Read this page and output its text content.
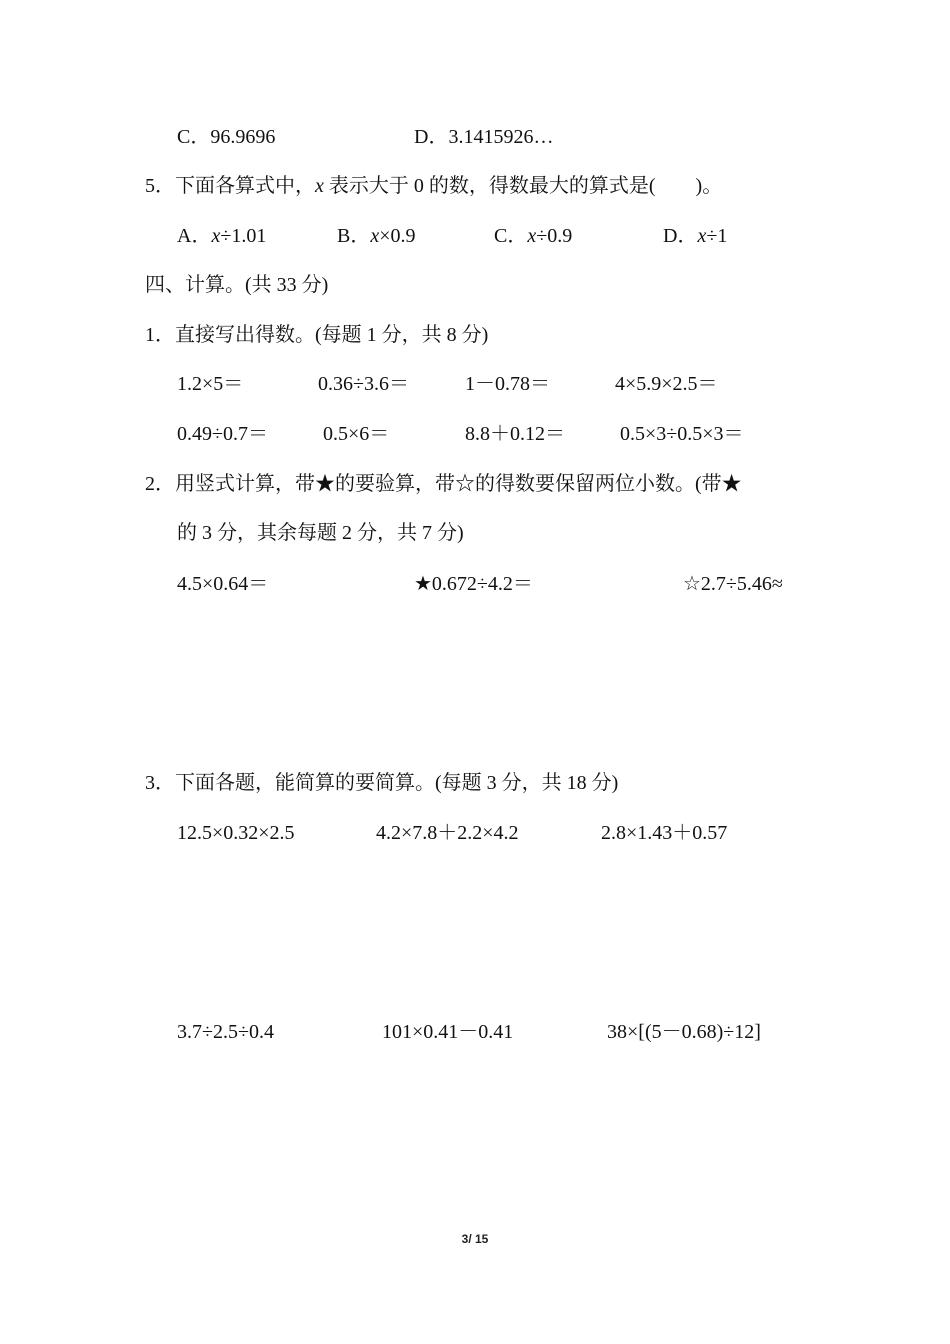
C．96.9696	D．3.1415926…
5．下面各算式中，x 表示大于 0 的数，得数最大的算式是(　　)。
A．x÷1.01	B．x×0.9	C．x÷0.9	D．x÷1
四、计算。(共 33 分)
1．直接写出得数。(每题 1 分，共 8 分)
1.2×5＝	0.36÷3.6＝	1－0.78＝	4×5.9×2.5＝
0.49÷0.7＝	0.5×6＝	8.8＋0.12＝	0.5×3÷0.5×3＝
2．用竖式计算，带★的要验算，带☆的得数要保留两位小数。(带★
的 3 分，其余每题 2 分，共 7 分)
4.5×0.64＝	★0.672÷4.2＝	☆2.7÷5.46≈
3．下面各题，能简算的要简算。(每题 3 分，共 18 分)
12.5×0.32×2.5	4.2×7.8＋2.2×4.2	2.8×1.43＋0.57
3.7÷2.5÷0.4	101×0.41－0.41	38×[(5－0.68)÷12]
3/ 15
